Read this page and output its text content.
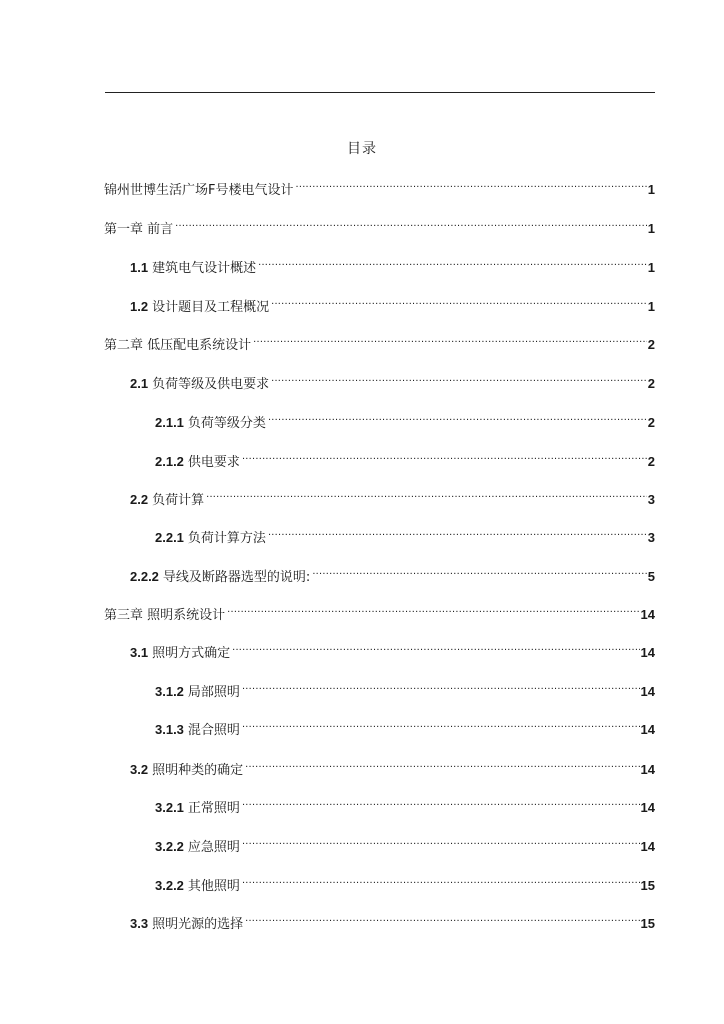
目录
锦州世博生活广场F号楼电气设计 .....	1
第一章 前言 .....	1
1.1 建筑电气设计概述 .....	1
1.2 设计题目及工程概况 .....	1
第二章 低压配电系统设计 .....	2
2.1 负荷等级及供电要求 .....	2
2.1.1 负荷等级分类 .....	2
2.1.2 供电要求 .....	2
2.2 负荷计算 .....	3
2.2.1 负荷计算方法 .....	3
2.2.2 导线及断路器选型的说明: .....	5
第三章 照明系统设计 .....	14
3.1 照明方式确定 .....	14
3.1.2 局部照明 .....	14
3.1.3 混合照明 .....	14
3.2 照明种类的确定 .....	14
3.2.1 正常照明 .....	14
3.2.2 应急照明 .....	14
3.2.2 其他照明 .....	15
3.3 照明光源的选择 .....	15
